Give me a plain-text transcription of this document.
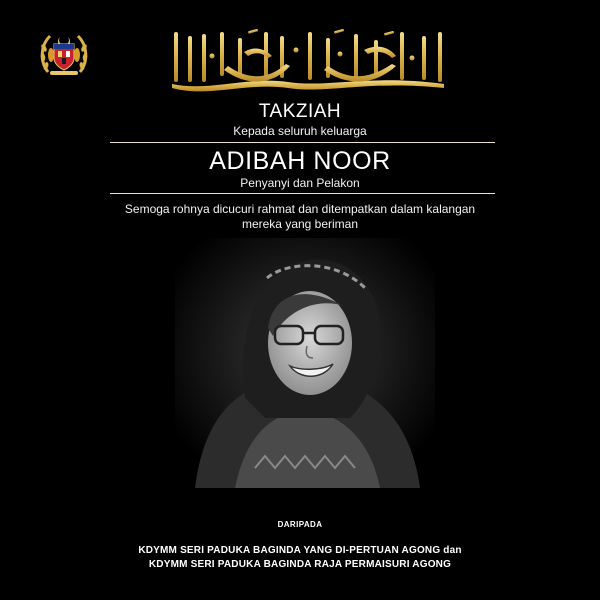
TAKZIAH
Kepada seluruh keluarga
ADIBAH NOOR
Penyanyi dan Pelakon
Semoga rohnya dicucuri rahmat dan ditempatkan dalam kalangan mereka yang beriman
DARIPADA
KDYMM SERI PADUKA BAGINDA YANG DI-PERTUAN AGONG dan
KDYMM SERI PADUKA BAGINDA RAJA PERMAISURI AGONG
